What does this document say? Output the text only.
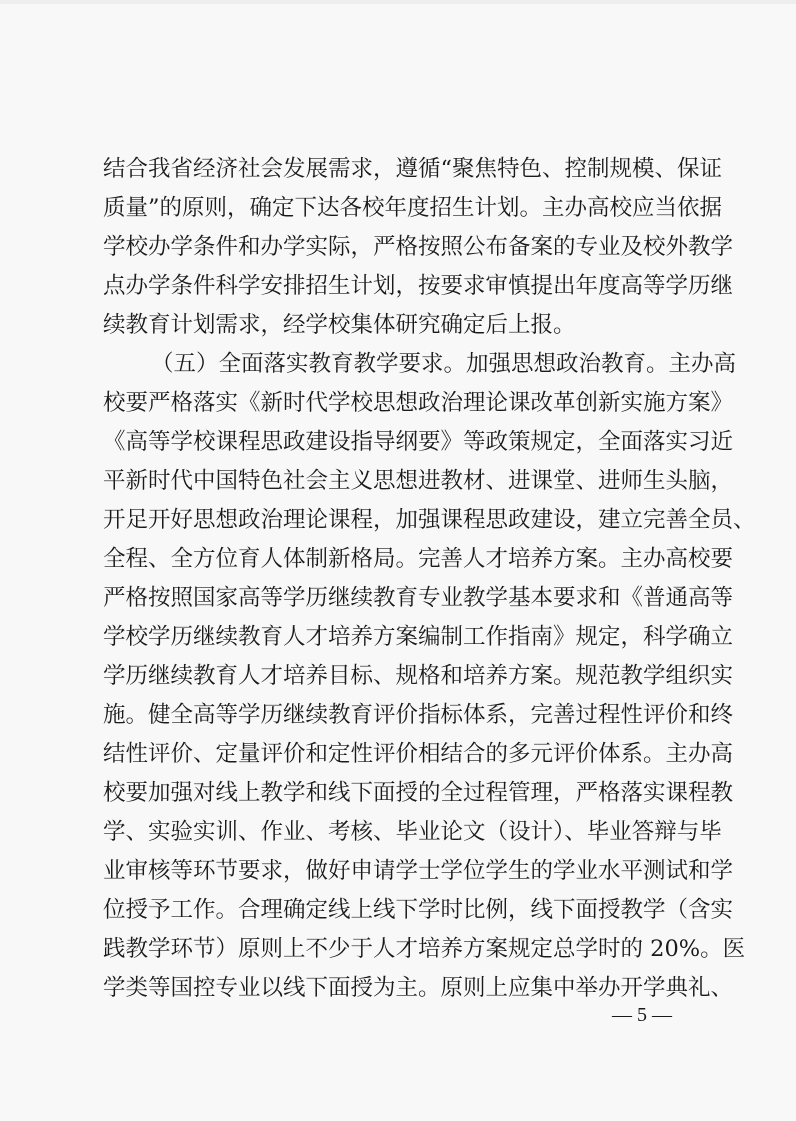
结合我省经济社会发展需求，遵循“聚焦特色、控制规模、保证
质量”的原则，确定下达各校年度招生计划。主办高校应当依据
学校办学条件和办学实际，严格按照公布备案的专业及校外教学
点办学条件科学安排招生计划，按要求审慎提出年度高等学历继
续教育计划需求，经学校集体研究确定后上报。
（五）全面落实教育教学要求。加强思想政治教育。主办高
校要严格落实《新时代学校思想政治理论课改革创新实施方案》
《高等学校课程思政建设指导纲要》等政策规定，全面落实习近
平新时代中国特色社会主义思想进教材、进课堂、进师生头脑，
开足开好思想政治理论课程，加强课程思政建设，建立完善全员、
全程、全方位育人体制新格局。完善人才培养方案。主办高校要
严格按照国家高等学历继续教育专业教学基本要求和《普通高等
学校学历继续教育人才培养方案编制工作指南》规定，科学确立
学历继续教育人才培养目标、规格和培养方案。规范教学组织实
施。健全高等学历继续教育评价指标体系，完善过程性评价和终
结性评价、定量评价和定性评价相结合的多元评价体系。主办高
校要加强对线上教学和线下面授的全过程管理，严格落实课程教
学、实验实训、作业、考核、毕业论文（设计）、毕业答辩与毕
业审核等环节要求，做好申请学士学位学生的学业水平测试和学
位授予工作。合理确定线上线下学时比例，线下面授教学（含实
践教学环节）原则上不少于人才培养方案规定总学时的 20%。医
学类等国控专业以线下面授为主。原则上应集中举办开学典礼、
— 5 —
